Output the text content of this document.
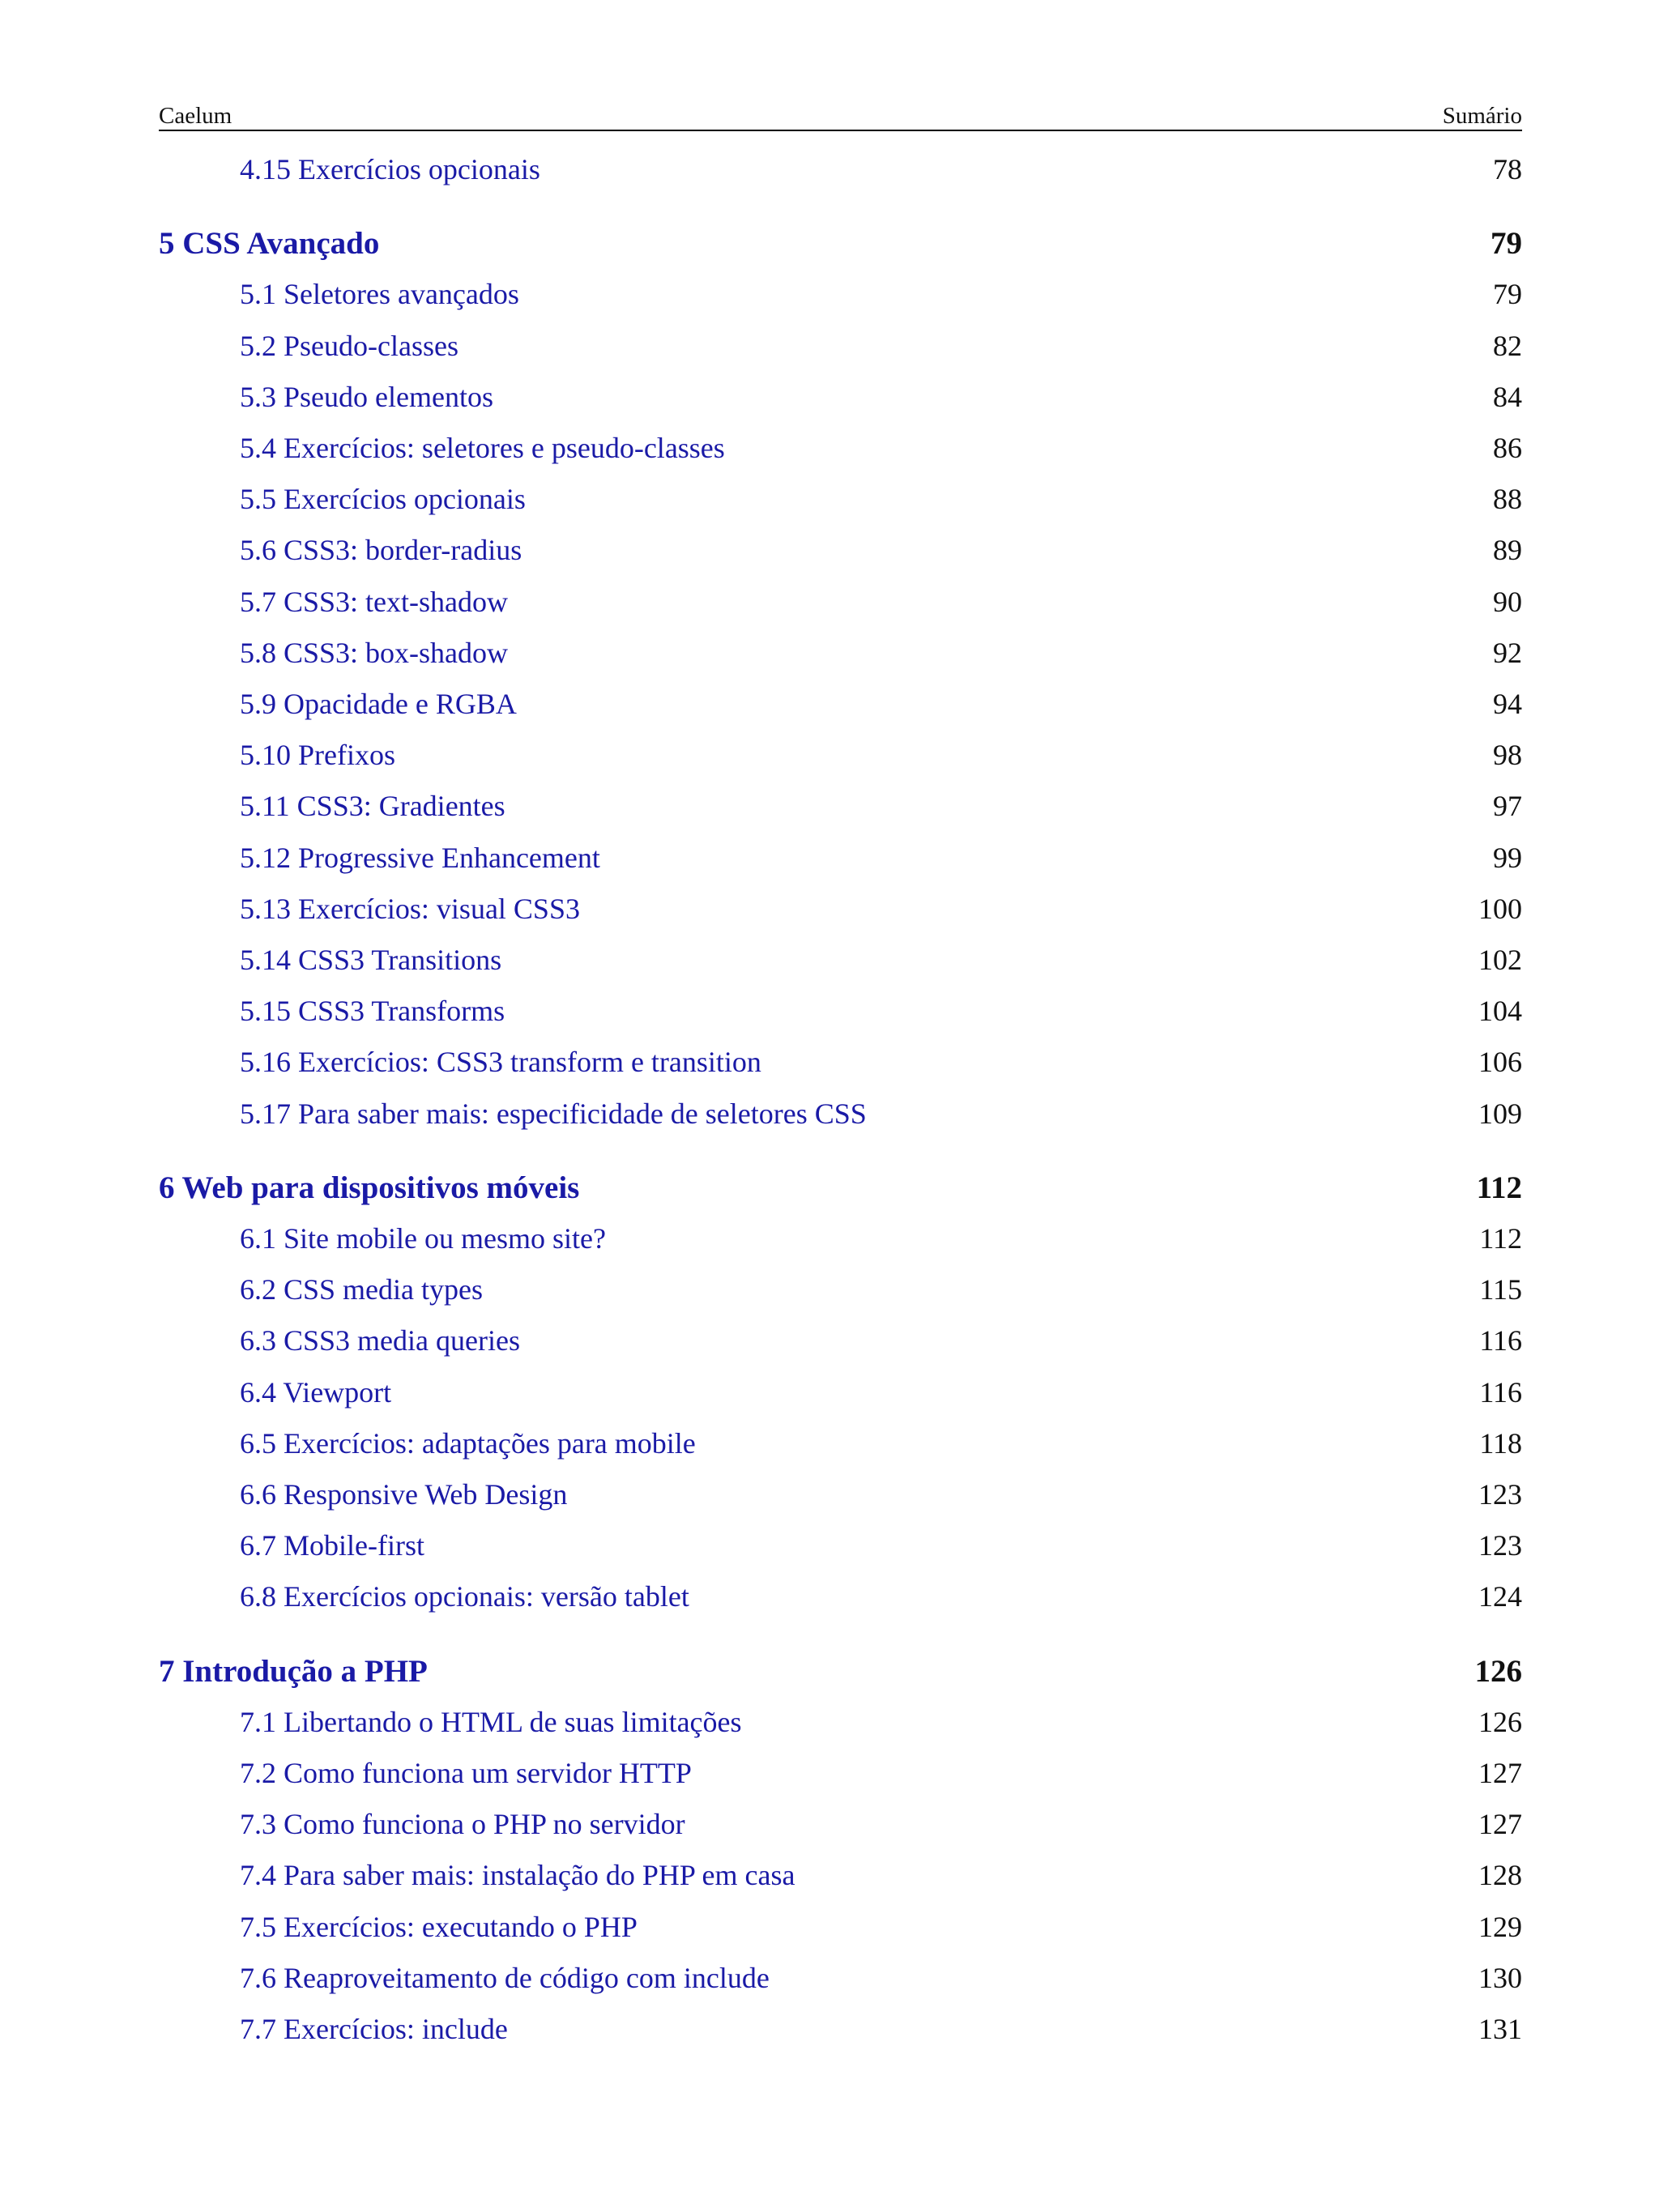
Caelum	Sumário
4.15 Exercícios opcionais	78
5 CSS Avançado	79
5.1 Seletores avançados	79
5.2 Pseudo-classes	82
5.3 Pseudo elementos	84
5.4 Exercícios: seletores e pseudo-classes	86
5.5 Exercícios opcionais	88
5.6 CSS3: border-radius	89
5.7 CSS3: text-shadow	90
5.8 CSS3: box-shadow	92
5.9 Opacidade e RGBA	94
5.10 Prefixos	98
5.11 CSS3: Gradientes	97
5.12 Progressive Enhancement	99
5.13 Exercícios: visual CSS3	100
5.14 CSS3 Transitions	102
5.15 CSS3 Transforms	104
5.16 Exercícios: CSS3 transform e transition	106
5.17 Para saber mais: especificidade de seletores CSS	109
6 Web para dispositivos móveis	112
6.1 Site mobile ou mesmo site?	112
6.2 CSS media types	115
6.3 CSS3 media queries	116
6.4 Viewport	116
6.5 Exercícios: adaptações para mobile	118
6.6 Responsive Web Design	123
6.7 Mobile-first	123
6.8 Exercícios opcionais: versão tablet	124
7 Introdução a PHP	126
7.1 Libertando o HTML de suas limitações	126
7.2 Como funciona um servidor HTTP	127
7.3 Como funciona o PHP no servidor	127
7.4 Para saber mais: instalação do PHP em casa	128
7.5 Exercícios: executando o PHP	129
7.6 Reaproveitamento de código com include	130
7.7 Exercícios: include	131
